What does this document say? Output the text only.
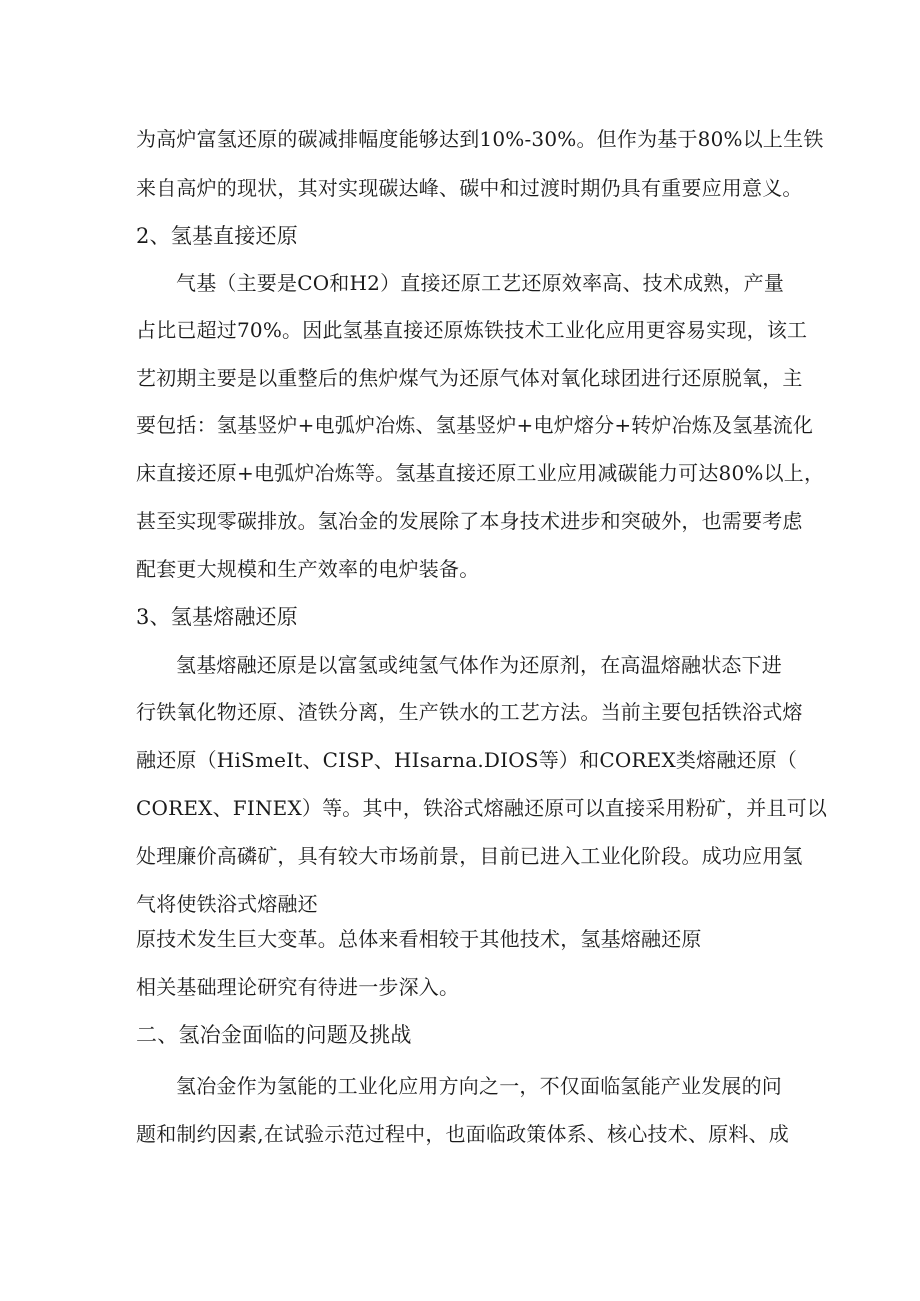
为高炉富氢还原的碳减排幅度能够达到10%-30%。但作为基于80%以上生铁
来自高炉的现状，其对实现碳达峰、碳中和过渡时期仍具有重要应用意义。
2、氢基直接还原
气基（主要是CO和H2）直接还原工艺还原效率高、技术成熟，产量
占比已超过70%。因此氢基直接还原炼铁技术工业化应用更容易实现，该工
艺初期主要是以重整后的焦炉煤气为还原气体对氧化球团进行还原脱氧，主
要包括：氢基竖炉+电弧炉冶炼、氢基竖炉+电炉熔分+转炉冶炼及氢基流化
床直接还原+电弧炉冶炼等。氢基直接还原工业应用减碳能力可达80%以上，
甚至实现零碳排放。氢冶金的发展除了本身技术进步和突破外，也需要考虑
配套更大规模和生产效率的电炉装备。
3、氢基熔融还原
氢基熔融还原是以富氢或纯氢气体作为还原剂，在高温熔融状态下进
行铁氧化物还原、渣铁分离，生产铁水的工艺方法。当前主要包括铁浴式熔
融还原（HiSmeIt、CISP、HIsarna.DIOS等）和COREX类熔融还原（
COREX、FINEX）等。其中，铁浴式熔融还原可以直接采用粉矿，并且可以
处理廉价高磷矿，具有较大市场前景，目前已进入工业化阶段。成功应用氢
气将使铁浴式熔融还
原技术发生巨大变革。总体来看相较于其他技术，氢基熔融还原
相关基础理论研究有待进一步深入。
二、氢冶金面临的问题及挑战
氢冶金作为氢能的工业化应用方向之一，不仅面临氢能产业发展的问
题和制约因素,在试验示范过程中，也面临政策体系、核心技术、原料、成
